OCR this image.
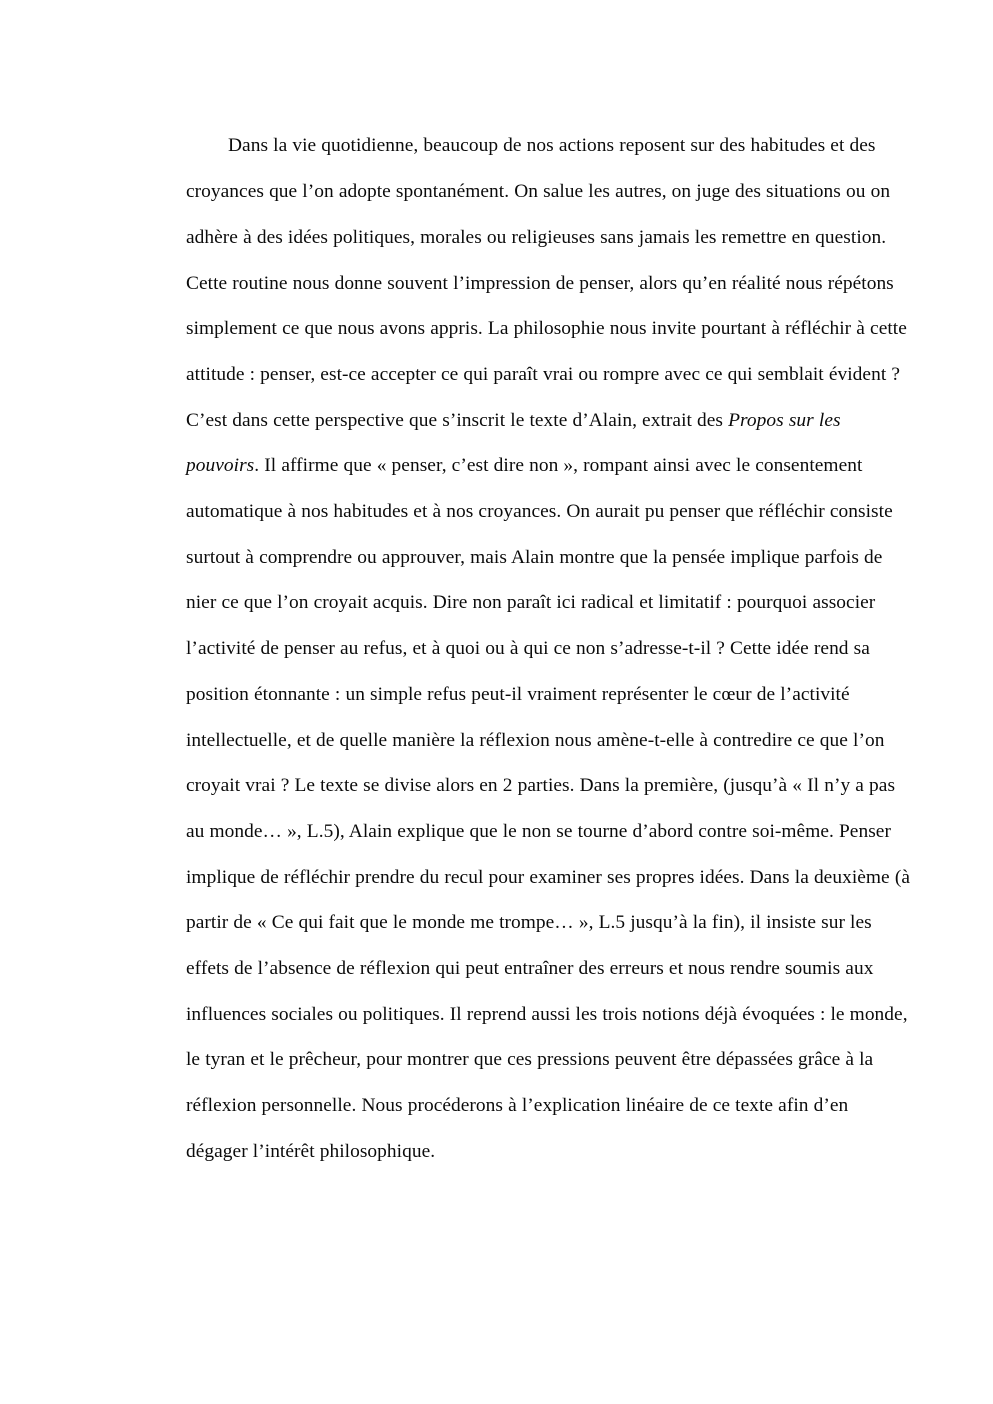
Dans la vie quotidienne, beaucoup de nos actions reposent sur des habitudes et des croyances que l’on adopte spontanément. On salue les autres, on juge des situations ou on adhère à des idées politiques, morales ou religieuses sans jamais les remettre en question. Cette routine nous donne souvent l’impression de penser, alors qu’en réalité nous répétons simplement ce que nous avons appris. La philosophie nous invite pourtant à réfléchir à cette attitude : penser, est-ce accepter ce qui paraît vrai ou rompre avec ce qui semblait évident ? C’est dans cette perspective que s’inscrit le texte d’Alain, extrait des Propos sur les pouvoirs. Il affirme que « penser, c’est dire non », rompant ainsi avec le consentement automatique à nos habitudes et à nos croyances. On aurait pu penser que réfléchir consiste surtout à comprendre ou approuver, mais Alain montre que la pensée implique parfois de nier ce que l’on croyait acquis. Dire non paraît ici radical et limitatif : pourquoi associer l’activité de penser au refus, et à quoi ou à qui ce non s’adresse-t-il ? Cette idée rend sa position étonnante : un simple refus peut-il vraiment représenter le cœur de l’activité intellectuelle, et de quelle manière la réflexion nous amène-t-elle à contredire ce que l’on croyait vrai ? Le texte se divise alors en 2 parties. Dans la première, (jusqu’à « Il n’y a pas au monde… », L.5), Alain explique que le non se tourne d’abord contre soi-même. Penser implique de réfléchir prendre du recul pour examiner ses propres idées. Dans la deuxième (à partir de « Ce qui fait que le monde me trompe… », L.5 jusqu’à la fin), il insiste sur les effets de l’absence de réflexion qui peut entraîner des erreurs et nous rendre soumis aux influences sociales ou politiques. Il reprend aussi les trois notions déjà évoquées : le monde, le tyran et le prêcheur, pour montrer que ces pressions peuvent être dépassées grâce à la réflexion personnelle. Nous procéderons à l’explication linéaire de ce texte afin d’en dégager l’intérêt philosophique.
